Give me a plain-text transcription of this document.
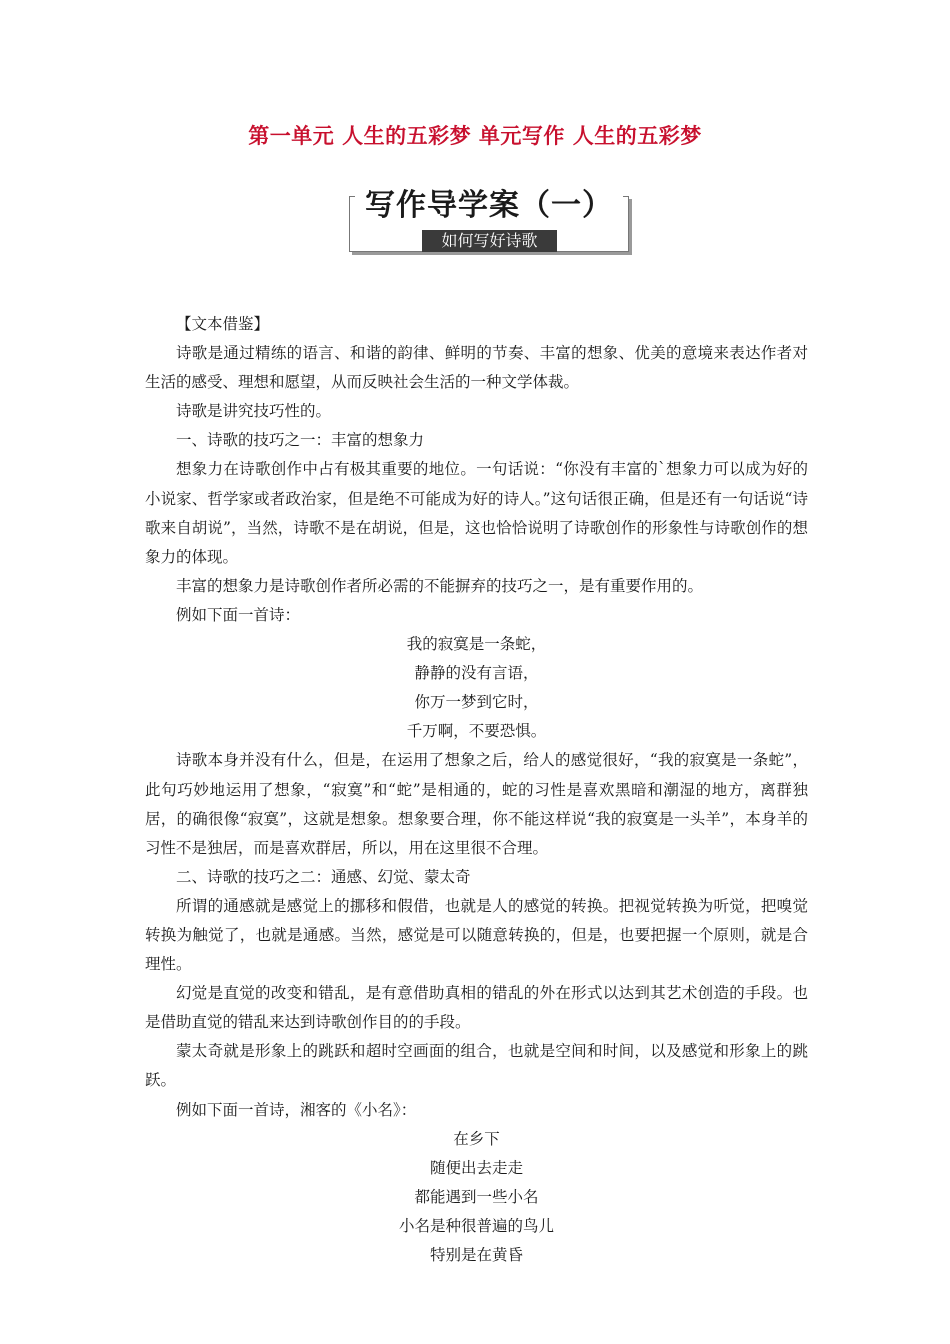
第一单元 人生的五彩梦 单元写作 人生的五彩梦
写作导学案（一）
如何写好诗歌

【文本借鉴】

诗歌是通过精练的语言、和谐的韵律、鲜明的节奏、丰富的想象、优美的意境来表达作者对生活的感受、理想和愿望，从而反映社会生活的一种文学体裁。

诗歌是讲究技巧性的。

一、诗歌的技巧之一：丰富的想象力

想象力在诗歌创作中占有极其重要的地位。一句话说：“你没有丰富的`想象力可以成为好的小说家、哲学家或者政治家，但是绝不可能成为好的诗人。”这句话很正确，但是还有一句话说“诗歌来自胡说”，当然，诗歌不是在胡说，但是，这也恰恰说明了诗歌创作的形象性与诗歌创作的想象力的体现。

丰富的想象力是诗歌创作者所必需的不能摒弃的技巧之一，是有重要作用的。

例如下面一首诗：

我的寂寞是一条蛇，

静静的没有言语，

你万一梦到它时，

千万啊，不要恐惧。

诗歌本身并没有什么，但是，在运用了想象之后，给人的感觉很好，“我的寂寞是一条蛇”，此句巧妙地运用了想象，“寂寞”和“蛇”是相通的，蛇的习性是喜欢黑暗和潮湿的地方，离群独居，的确很像“寂寞”，这就是想象。想象要合理，你不能这样说“我的寂寞是一头羊”，本身羊的习性不是独居，而是喜欢群居，所以，用在这里很不合理。

二、诗歌的技巧之二：通感、幻觉、蒙太奇

所谓的通感就是感觉上的挪移和假借，也就是人的感觉的转换。把视觉转换为听觉，把嗅觉转换为触觉了，也就是通感。当然，感觉是可以随意转换的，但是，也要把握一个原则，就是合理性。

幻觉是直觉的改变和错乱，是有意借助真相的错乱的外在形式以达到其艺术创造的手段。也是借助直觉的错乱来达到诗歌创作目的的手段。

蒙太奇就是形象上的跳跃和超时空画面的组合，也就是空间和时间，以及感觉和形象上的跳跃。

例如下面一首诗，湘客的《小名》：

在乡下

随便出去走走

都能遇到一些小名

小名是种很普遍的鸟儿

特别是在黄昏
